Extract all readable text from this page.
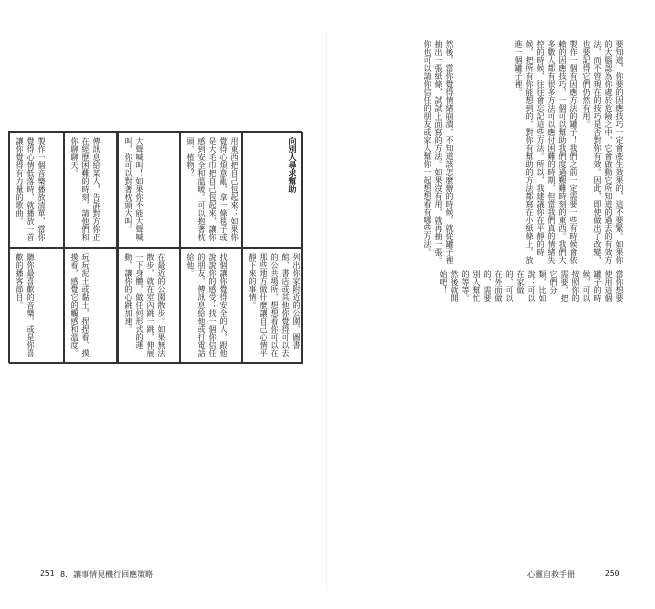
向別人尋求幫助
列出你家附近的公園、圖書館、書店或其他你覺得可以去的公共場所，想想看你可以在那些地方做什麼讓自己心情平靜下來的事情。
用東西把自己包起來：如果你覺得心煩意亂，拿一條毯子或是大毛巾把自己包起來，讓你感到安全和溫暖。可以抱著枕頭、植物？
找個讓你覺得安全的人，跟他說說你的感受；找一個你信任的朋友，傳訊息給他或打電話給他。
大聲喊叫！如果你不能大聲喊叫，你可以對著枕頭大叫。
在最近的公園散步。如果無法散步，就在室內跳一跳，伸展一下身體，做任何形式的運動，讓你的心跳加速。
傳訊息給某人，告訴對方你正在經歷困難的時刻，請他們和你聊聊天。
玩玩泥土或黏土，捏捏看、摸摸看，感覺它的觸感和溫度。
製作一個音樂播放清單，當你覺得心情低落時，就播放一首讓你覺得有力量的歌曲。
聽你最喜歡的音樂，或是你喜歡的播客節目。
251 8．讓事情見機行回應策略
要知道，你要的因應技巧一定會產生效果的，這不要緊。如果你的大腦認為你處於危險之中，它會啟動它所知道的過去的有效方法，而不管現在的技巧是否對你有效。因此，即使做出了改變，也要記得它們仍然有用。
製作一個有因應方法的罐子！我們之前一定需要一些有時候會依賴的因應技巧，一個可以幫助我們度過艱難時刻的東西。我們大多數人都有很多方法可以應付困難的時期，但當我們真的情緒失控的時候，往往會忘記這些方法。所以，我建議你在平靜的時候，把所有你能想到的、對你有幫助的方法都寫在小紙條上，放進一個罐子裡。
然後，當你覺得情緒崩潰、不知道該怎麼辦的時候，就從罐子裡抽出一張紙條，試試上面寫的方法。如果沒有用，就再抽一張。你也可以請你信任的朋友或家人幫你一起想想看有哪些方法。
當你想要使用這個罐子的時候，可以按照你的需要，把它們分類，比如說：可以在家做的、可以在外面做的、需要別人幫忙的等等。然後就開始吧！
心靈自救手冊	250
